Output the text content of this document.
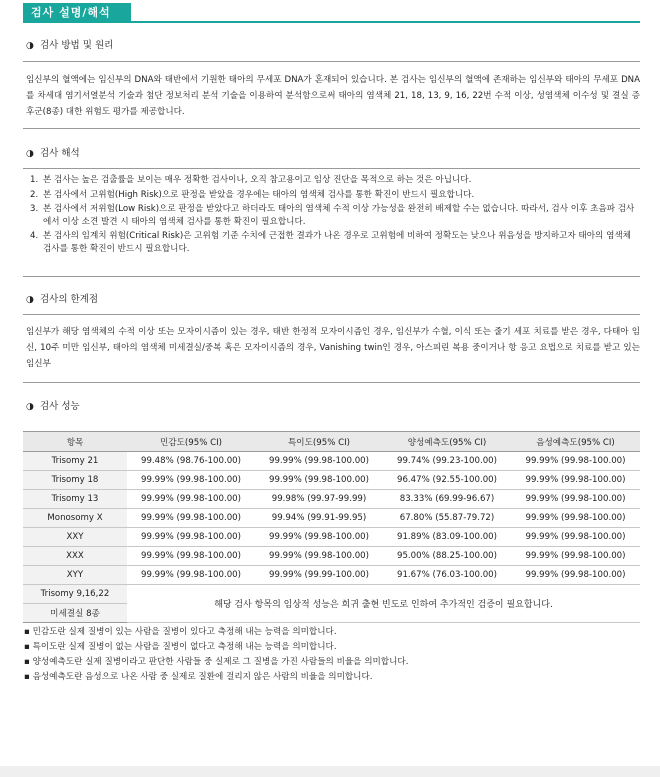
검사 설명/해석
◑ 검사 방법 및 원리
임신부의 혈액에는 임신부의 DNA와 태반에서 기원한 태아의 무세포 DNA가 혼재되어 있습니다. 본 검사는 임신부의 혈액에 존재하는 임신부와 태아의 무세포 DNA를 차세대 염기서열분석 기술과 첨단 정보처리 분석 기술을 이용하여 분석함으로써 태아의 염색체 21, 18, 13, 9, 16, 22번 수적 이상, 성염색체 이수성 및 결실 증후군(8종) 대한 위험도 평가를 제공합니다.
◑ 검사 해석
1. 본 검사는 높은 검출률을 보이는 매우 정확한 검사이나, 오직 참고용이고 임상 진단을 목적으로 하는 것은 아닙니다.
2. 본 검사에서 고위험(High Risk)으로 판정을 받았을 경우에는 태아의 염색체 검사를 통한 확진이 반드시 필요합니다.
3. 본 검사에서 저위험(Low Risk)으로 판정을 받았다고 하더라도 태아의 염색체 수적 이상 가능성을 완전히 배제할 수는 없습니다. 따라서, 검사 이후 초음파 검사에서 이상 소견 발견 시 태아의 염색체 검사를 통한 확진이 필요합니다.
4. 본 검사의 임계치 위험(Critical Risk)은 고위험 기준 수치에 근접한 결과가 나온 경우로 고위험에 비하여 정확도는 낮으나 위음성을 방지하고자 태아의 염색체 검사를 통한 확진이 반드시 필요합니다.
◑ 검사의 한계점
임신부가 해당 염색체의 수적 이상 또는 모자이시즘이 있는 경우, 태반 한정적 모자이시즘인 경우, 임신부가 수혈, 이식 또는 줄기 세포 치료를 받은 경우, 다태아 임신, 10주 미만 임신부, 태아의 염색체 미세결실/중복 혹은 모자이시즘의 경우, Vanishing twin인 경우, 아스피린 복용 중이거나 항 응고 요법으로 치료를 받고 있는 임신부
◑ 검사 성능
항목	민감도(95% CI)	특이도(95% CI)	양성예측도(95% CI)	음성예측도(95% CI)
Trisomy 21	99.48% (98.76-100.00)	99.99% (99.98-100.00)	99.74% (99.23-100.00)	99.99% (99.98-100.00)
Trisomy 18	99.99% (99.98-100.00)	99.99% (99.98-100.00)	96.47% (92.55-100.00)	99.99% (99.98-100.00)
Trisomy 13	99.99% (99.98-100.00)	99.98% (99.97-99.99)	83.33% (69.99-96.67)	99.99% (99.98-100.00)
Monosomy X	99.99% (99.98-100.00)	99.94% (99.91-99.95)	67.80% (55.87-79.72)	99.99% (99.98-100.00)
XXY	99.99% (99.98-100.00)	99.99% (99.98-100.00)	91.89% (83.09-100.00)	99.99% (99.98-100.00)
XXX	99.99% (99.98-100.00)	99.99% (99.98-100.00)	95.00% (88.25-100.00)	99.99% (99.98-100.00)
XYY	99.99% (99.98-100.00)	99.99% (99.99-100.00)	91.67% (76.03-100.00)	99.99% (99.98-100.00)
Trisomy 9,16,22	해당 검사 항목의 임상적 성능은 희귀 출현 빈도로 인하여 추가적인 검증이 필요합니다.			
미세결실 8종				
▪ 민감도란 실제 질병이 있는 사람을 질병이 있다고 측정해 내는 능력을 의미합니다.
▪ 특이도란 실제 질병이 없는 사람을 질병이 없다고 측정해 내는 능력을 의미합니다.
▪ 양성예측도란 실제 질병이라고 판단한 사람들 중 실제로 그 질병을 가진 사람들의 비율을 의미합니다.
▪ 음성예측도란 음성으로 나온 사람 중 실제로 질환에 걸리지 않은 사람의 비율을 의미합니다.
